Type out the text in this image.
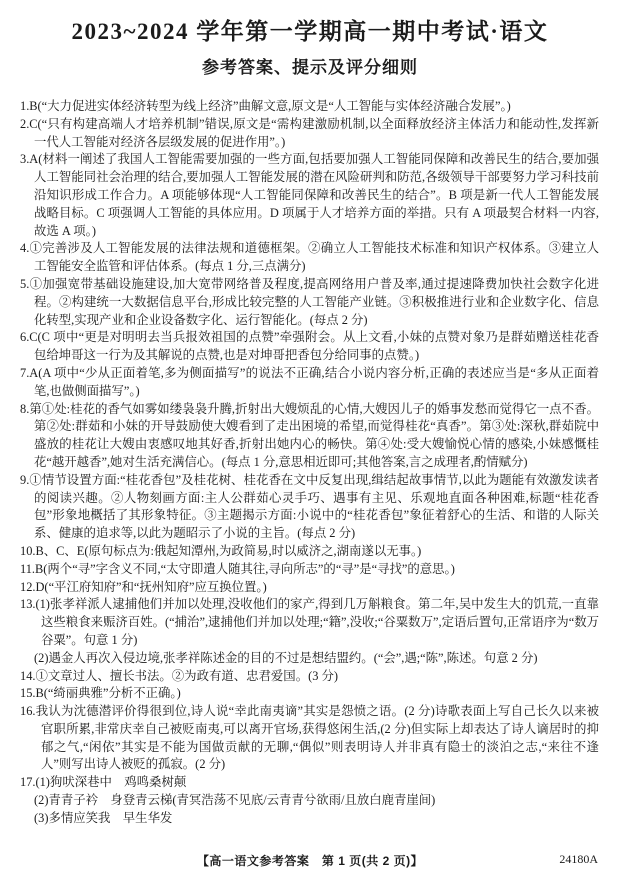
2023~2024 学年第一学期高一期中考试·语文
参考答案、提示及评分细则
1.B(“大力促进实体经济转型为线上经济”曲解文意,原文是“人工智能与实体经济融合发展”。)
2.C(“只有构建高端人才培养机制”错误,原文是“需构建激励机制,以全面释放经济主体活力和能动性,发挥新一代人工智能对经济各层级发展的促进作用”。)
3.A(材料一阐述了我国人工智能需要加强的一些方面,包括要加强人工智能同保障和改善民生的结合,要加强人工智能同社会治理的结合,要加强人工智能发展的潜在风险研判和防范,各级领导干部要努力学习科技前沿知识形成工作合力。A 项能够体现“人工智能同保障和改善民生的结合”。B 项是新一代人工智能发展战略目标。C 项强调人工智能的具体应用。D 项属于人才培养方面的举措。只有 A 项最契合材料一内容,故选 A 项。)
4.①完善涉及人工智能发展的法律法规和道德框架。②确立人工智能技术标准和知识产权体系。③建立人工智能安全监管和评估体系。(每点 1 分,三点满分)
5.①加强宽带基础设施建设,加大宽带网络普及程度,提高网络用户普及率,通过提速降费加快社会数字化进程。②构建统一大数据信息平台,形成比较完整的人工智能产业链。③积极推进行业和企业数字化、信息化转型,实现产业和企业设备数字化、运行智能化。(每点 2 分)
6.C(C 项中“更是对明明去当兵报效祖国的点赞”牵强附会。从上文看,小妹的点赞对象乃是群茹赠送桂花香包给坤哥这一行为及其解说的点赞,也是对坤哥把香包分给同事的点赞。)
7.A(A 项中“少从正面着笔,多为侧面描写”的说法不正确,结合小说内容分析,正确的表述应当是“多从正面着笔,也做侧面描写”。)
8.第①处:桂花的香气如雾如缕袅袅升腾,折射出大嫂烦乱的心情,大嫂因儿子的婚事发愁而觉得它一点不香。第②处:群茹和小妹的开导鼓励使大嫂看到了走出困境的希望,而觉得桂花“真香”。第③处:深秋,群茹院中盛放的桂花让大嫂由衷感叹地其好香,折射出她内心的畅快。第④处:受大嫂愉悦心情的感染,小妹感慨桂花“越开越香”,她对生活充满信心。(每点 1 分,意思相近即可;其他答案,言之成理者,酌情赋分)
9.①情节设置方面:“桂花香包”及桂花树、桂花香在文中反复出现,缉结起故事情节,以此为题能有效激发读者的阅读兴趣。②人物刻画方面:主人公群茹心灵手巧、遇事有主见、乐观地直面各种困难,标题“桂花香包”形象地概括了其形象特征。③主题揭示方面:小说中的“桂花香包”象征着舒心的生活、和谐的人际关系、健康的追求等,以此为题昭示了小说的主旨。(每点 2 分)
10.B、C、E(原句标点为:俄起知潭州,为政简易,时以威济之,湖南遂以无事。)
11.B(两个“寻”字含义不同,“太守即遣人随其往,寻向所志”的“寻”是“寻找”的意思。)
12.D(“平江府知府”和“抚州知府”应互换位置。)
13.(1)张孝祥派人逮捕他们并加以处理,没收他们的家产,得到几万斛粮食。第二年,吴中发生大的饥荒,一直靠这些粮食来赈济百姓。(“捕治”,逮捕他们并加以处理;“籍”,没收;“谷粟数万”,定语后置句,正常语序为“数万谷粟”。句意 1 分)
(2)遇金人再次入侵边境,张孝祥陈述金的目的不过是想结盟约。(“会”,遇;“陈”,陈述。句意 2 分)
14.①文章过人、擅长书法。②为政有道、忠君爱国。(3 分)
15.B(“绮丽典雅”分析不正确。)
16.我认为沈德潜评价得很到位,诗人说“幸此南夷谪”其实是怨愤之语。(2 分)诗歌表面上写自己长久以来被官职所累,非常庆幸自己被贬南夷,可以离开官场,获得悠闲生活,(2 分)但实际上却表达了诗人谪居时的抑郁之气,“闲依”其实是不能为国做贡献的无聊,“偶似”则表明诗人并非真有隐士的淡泊之志,“来往不逢人”则写出诗人被贬的孤寂。(2 分)
17.(1)狗吠深巷中　鸡鸣桑树颠
(2)青青子衿　身登青云梯(青冥浩荡不见底/云青青兮欲雨/且放白鹿青崖间)
(3)多情应笑我　早生华发
【高一语文参考答案　第 1 页(共 2 页)】	24180A
